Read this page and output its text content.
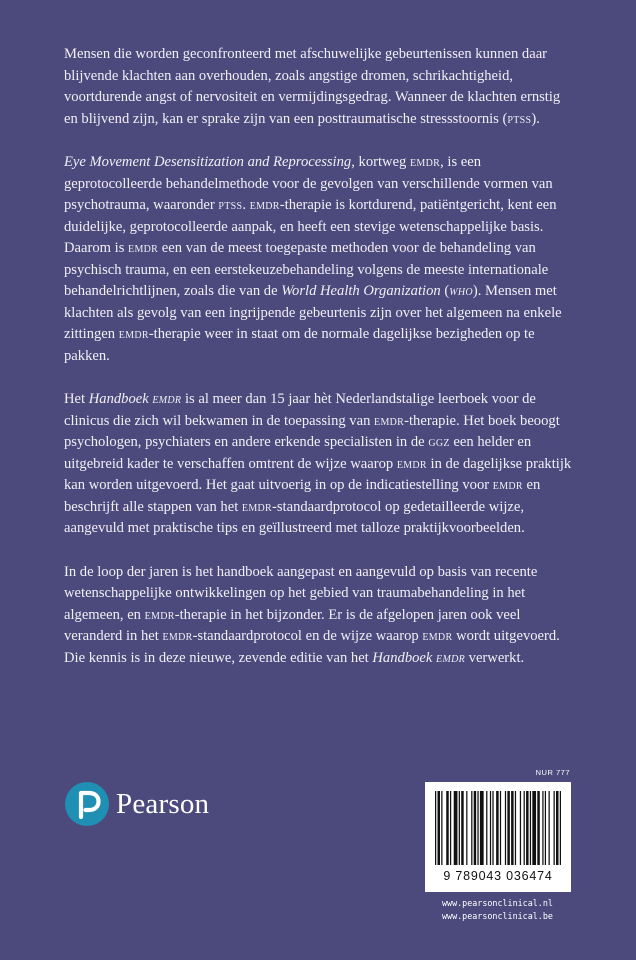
Mensen die worden geconfronteerd met afschuwelijke gebeurtenissen kunnen daar blijvende klachten aan overhouden, zoals angstige dromen, schrikachtigheid, voortdurende angst of nervositeit en vermijdingsgedrag. Wanneer de klachten ernstig en blijvend zijn, kan er sprake zijn van een posttraumatische stressstoornis (ptss).

Eye Movement Desensitization and Reprocessing, kortweg emdr, is een geprotocolleerde behandelmethode voor de gevolgen van verschillende vormen van psychotrauma, waaronder ptss. emdr-therapie is kortdurend, patiëntgericht, kent een duidelijke, geprotocolleerde aanpak, en heeft een stevige wetenschappelijke basis. Daarom is emdr een van de meest toegepaste methoden voor de behandeling van psychisch trauma, en een eerstekeuzebehandeling volgens de meeste internationale behandelrichtlijnen, zoals die van de World Health Organization (who). Mensen met klachten als gevolg van een ingrijpende gebeurtenis zijn over het algemeen na enkele zittingen emdr-therapie weer in staat om de normale dagelijkse bezigheden op te pakken.

Het Handboek emdr is al meer dan 15 jaar hèt Nederlandstalige leerboek voor de clinicus die zich wil bekwamen in de toepassing van emdr-therapie. Het boek beoogt psychologen, psychiaters en andere erkende specialisten in de ggz een helder en uitgebreid kader te verschaffen omtrent de wijze waarop emdr in de dagelijkse praktijk kan worden uitgevoerd. Het gaat uitvoerig in op de indicatiestelling voor emdr en beschrijft alle stappen van het emdr-standaardprotocol op gedetailleerde wijze, aangevuld met praktische tips en geïllustreerd met talloze praktijkvoorbeelden.

In de loop der jaren is het handboek aangepast en aangevuld op basis van recente wetenschappelijke ontwikkelingen op het gebied van traumabehandeling in het algemeen, en emdr-therapie in het bijzonder. Er is de afgelopen jaren ook veel veranderd in het emdr-standaardprotocol en de wijze waarop emdr wordt uitgevoerd. Die kennis is in deze nieuwe, zevende editie van het Handboek emdr verwerkt.

NUR 777
Pearson
9 789043 036474
www.pearsonclinical.nl
www.pearsonclinical.be
